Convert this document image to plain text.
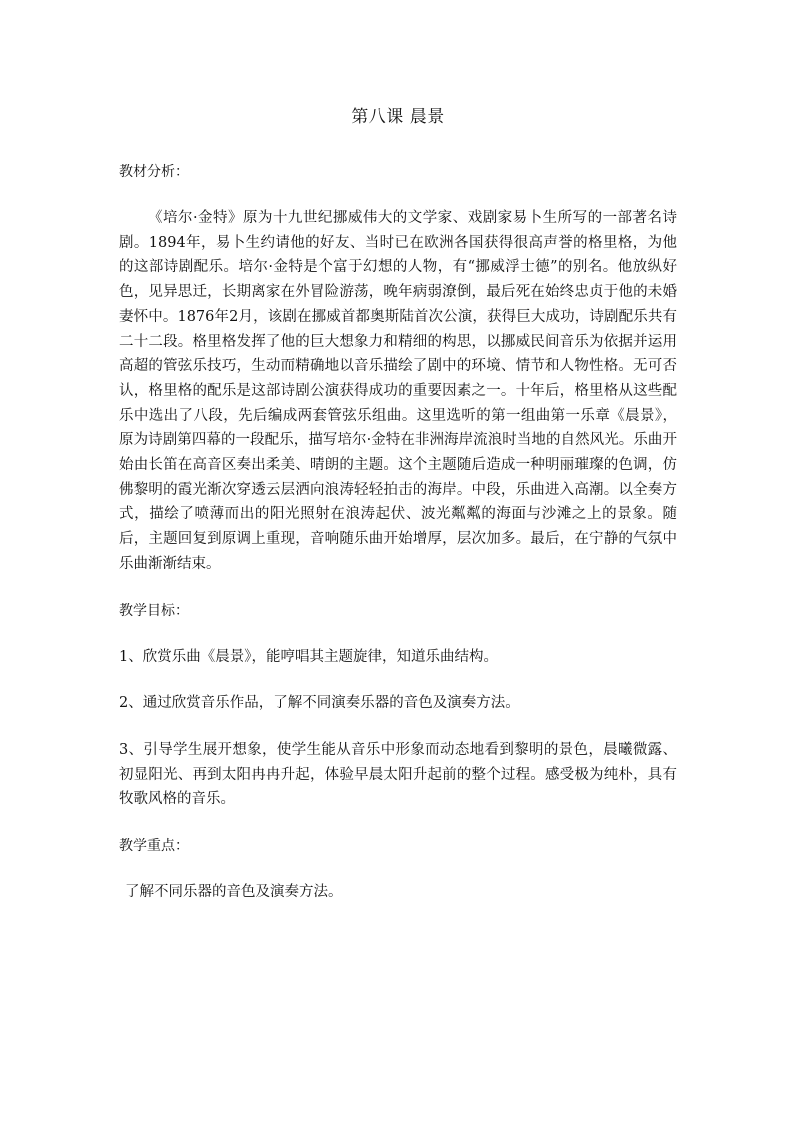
第八课 晨景
教材分析：
《培尔·金特》原为十九世纪挪威伟大的文学家、戏剧家易卜生所写的一部著名诗剧。1894年，易卜生约请他的好友、当时已在欧洲各国获得很高声誉的格里格，为他的这部诗剧配乐。培尔·金特是个富于幻想的人物，有“挪威浮士德”的别名。他放纵好色，见异思迁，长期离家在外冒险游荡，晚年病弱潦倒，最后死在始终忠贞于他的未婚妻怀中。1876年2月，该剧在挪威首都奥斯陆首次公演，获得巨大成功，诗剧配乐共有二十二段。格里格发挥了他的巨大想象力和精细的构思，以挪威民间音乐为依据并运用高超的管弦乐技巧，生动而精确地以音乐描绘了剧中的环境、情节和人物性格。无可否认，格里格的配乐是这部诗剧公演获得成功的重要因素之一。十年后，格里格从这些配乐中选出了八段，先后编成两套管弦乐组曲。这里选听的第一组曲第一乐章《晨景》，原为诗剧第四幕的一段配乐，描写培尔·金特在非洲海岸流浪时当地的自然风光。乐曲开始由长笛在高音区奏出柔美、晴朗的主题。这个主题随后造成一种明丽璀璨的色调，仿佛黎明的霞光渐次穿透云层洒向浪涛轻轻拍击的海岸。中段，乐曲进入高潮。以全奏方式，描绘了喷薄而出的阳光照射在浪涛起伏、波光粼粼的海面与沙滩之上的景象。随后，主题回复到原调上重现，音响随乐曲开始增厚，层次加多。最后，在宁静的气氛中乐曲渐渐结束。
教学目标：
1、欣赏乐曲《晨景》，能哼唱其主题旋律，知道乐曲结构。
2、通过欣赏音乐作品，了解不同演奏乐器的音色及演奏方法。
3、引导学生展开想象，使学生能从音乐中形象而动态地看到黎明的景色，晨曦微露、初显阳光、再到太阳冉冉升起，体验早晨太阳升起前的整个过程。感受极为纯朴，具有牧歌风格的音乐。
教学重点：
了解不同乐器的音色及演奏方法。
